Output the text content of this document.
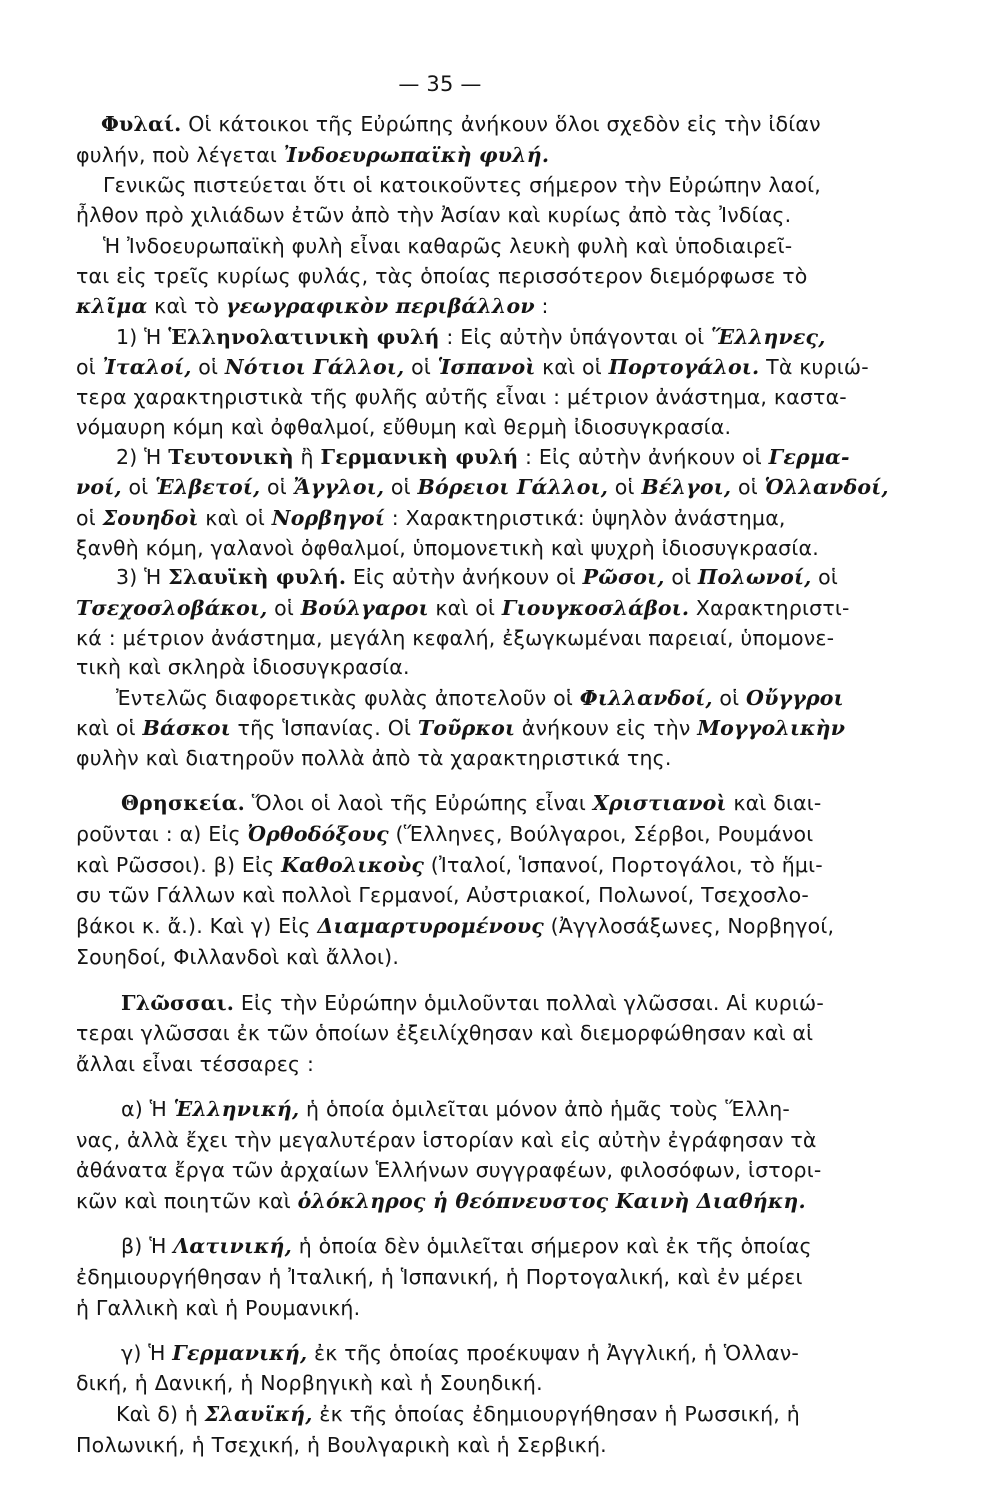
— 35 —
Φυλαί. Οἱ κάτοικοι τῆς Εὐρώπης ἀνήκουν ὅλοι σχεδὸν εἰς τὴν ἰδίαν
φυλήν, ποὺ λέγεται Ἰνδοευρωπαϊκὴ φυλή.
Γενικῶς πιστεύεται ὅτι οἱ κατοικοῦντες σήμερον τὴν Εὐρώπην λαοί,
ἦλθον πρὸ χιλιάδων ἐτῶν ἀπὸ τὴν Ἀσίαν καὶ κυρίως ἀπὸ τὰς Ἰνδίας.
Ἡ Ἰνδοευρωπαϊκὴ φυλὴ εἶναι καθαρῶς λευκὴ φυλὴ καὶ ὑποδιαιρεῖ-
ται εἰς τρεῖς κυρίως φυλάς, τὰς ὁποίας περισσότερον διεμόρφωσε τὸ
κλῖμα καὶ τὸ γεωγραφικὸν περιβάλλον :
1) Ἡ Ἑλληνολατινικὴ φυλή : Εἰς αὐτὴν ὑπάγονται οἱ Ἕλληνες,
οἱ Ἰταλοί, οἱ Νότιοι Γάλλοι, οἱ Ἱσπανοὶ καὶ οἱ Πορτογάλοι. Τὰ κυριώ-
τερα χαρακτηριστικὰ τῆς φυλῆς αὐτῆς εἶναι : μέτριον ἀνάστημα, καστα-
νόμαυρη κόμη καὶ ὀφθαλμοί, εὔθυμη καὶ θερμὴ ἰδιοσυγκρασία.
2) Ἡ Τευτονικὴ ἢ Γερμανικὴ φυλή : Εἰς αὐτὴν ἀνήκουν οἱ Γερμα-
νοί, οἱ Ἑλβετοί, οἱ Ἄγγλοι, οἱ Βόρειοι Γάλλοι, οἱ Βέλγοι, οἱ Ὁλλανδοί,
οἱ Σουηδοὶ καὶ οἱ Νορβηγοί : Χαρακτηριστικά: ὑψηλὸν ἀνάστημα,
ξανθὴ κόμη, γαλανοὶ ὀφθαλμοί, ὑπομονετικὴ καὶ ψυχρὴ ἰδιοσυγκρασία.
3) Ἡ Σλαυϊκὴ φυλή. Εἰς αὐτὴν ἀνήκουν οἱ Ρῶσοι, οἱ Πολωνοί, οἱ
Τσεχοσλοβάκοι, οἱ Βούλγαροι καὶ οἱ Γιουγκοσλάβοι. Χαρακτηριστι-
κά : μέτριον ἀνάστημα, μεγάλη κεφαλή, ἐξωγκωμέναι παρειαί, ὑπομονε-
τικὴ καὶ σκληρὰ ἰδιοσυγκρασία.
Ἐντελῶς διαφορετικὰς φυλὰς ἀποτελοῦν οἱ Φιλλανδοί, οἱ Οὔγγροι
καὶ οἱ Βάσκοι τῆς Ἱσπανίας. Οἱ Τοῦρκοι ἀνήκουν εἰς τὴν Μογγολικὴν
φυλὴν καὶ διατηροῦν πολλὰ ἀπὸ τὰ χαρακτηριστικά της.
Θρησκεία. Ὅλοι οἱ λαοὶ τῆς Εὐρώπης εἶναι Χριστιανοὶ καὶ διαι-
ροῦνται : α) Εἰς Ὀρθοδόξους (Ἕλληνες, Βούλγαροι, Σέρβοι, Ρουμάνοι
καὶ Ρῶσσοι). β) Εἰς Καθολικοὺς (Ἰταλοί, Ἱσπανοί, Πορτογάλοι, τὸ ἥμι-
συ τῶν Γάλλων καὶ πολλοὶ Γερμανοί, Αὐστριακοί, Πολωνοί, Τσεχοσλο-
βάκοι κ. ἄ.). Καὶ γ) Εἰς Διαμαρτυρομένους (Ἀγγλοσάξωνες, Νορβηγοί,
Σουηδοί, Φιλλανδοὶ καὶ ἄλλοι).
Γλῶσσαι. Εἰς τὴν Εὐρώπην ὁμιλοῦνται πολλαὶ γλῶσσαι. Αἱ κυριώ-
τεραι γλῶσσαι ἐκ τῶν ὁποίων ἐξειλίχθησαν καὶ διεμορφώθησαν καὶ αἱ
ἄλλαι εἶναι τέσσαρες :
α) Ἡ Ἑλληνική, ἡ ὁποία ὁμιλεῖται μόνον ἀπὸ ἡμᾶς τοὺς Ἕλλη-
νας, ἀλλὰ ἔχει τὴν μεγαλυτέραν ἱστορίαν καὶ εἰς αὐτὴν ἐγράφησαν τὰ
ἀθάνατα ἔργα τῶν ἀρχαίων Ἑλλήνων συγγραφέων, φιλοσόφων, ἱστορι-
κῶν καὶ ποιητῶν καὶ ὁλόκληρος ἡ θεόπνευστος Καινὴ Διαθήκη.
β) Ἡ Λατινική, ἡ ὁποία δὲν ὁμιλεῖται σήμερον καὶ ἐκ τῆς ὁποίας
ἐδημιουργήθησαν ἡ Ἰταλική, ἡ Ἱσπανική, ἡ Πορτογαλική, καὶ ἐν μέρει
ἡ Γαλλικὴ καὶ ἡ Ρουμανική.
γ) Ἡ Γερμανική, ἐκ τῆς ὁποίας προέκυψαν ἡ Ἀγγλική, ἡ Ὁλλαν-
δική, ἡ Δανική, ἡ Νορβηγικὴ καὶ ἡ Σουηδική.
Καὶ δ) ἡ Σλαυϊκή, ἐκ τῆς ὁποίας ἐδημιουργήθησαν ἡ Ρωσσική, ἡ
Πολωνική, ἡ Τσεχική, ἡ Βουλγαρικὴ καὶ ἡ Σερβική.
